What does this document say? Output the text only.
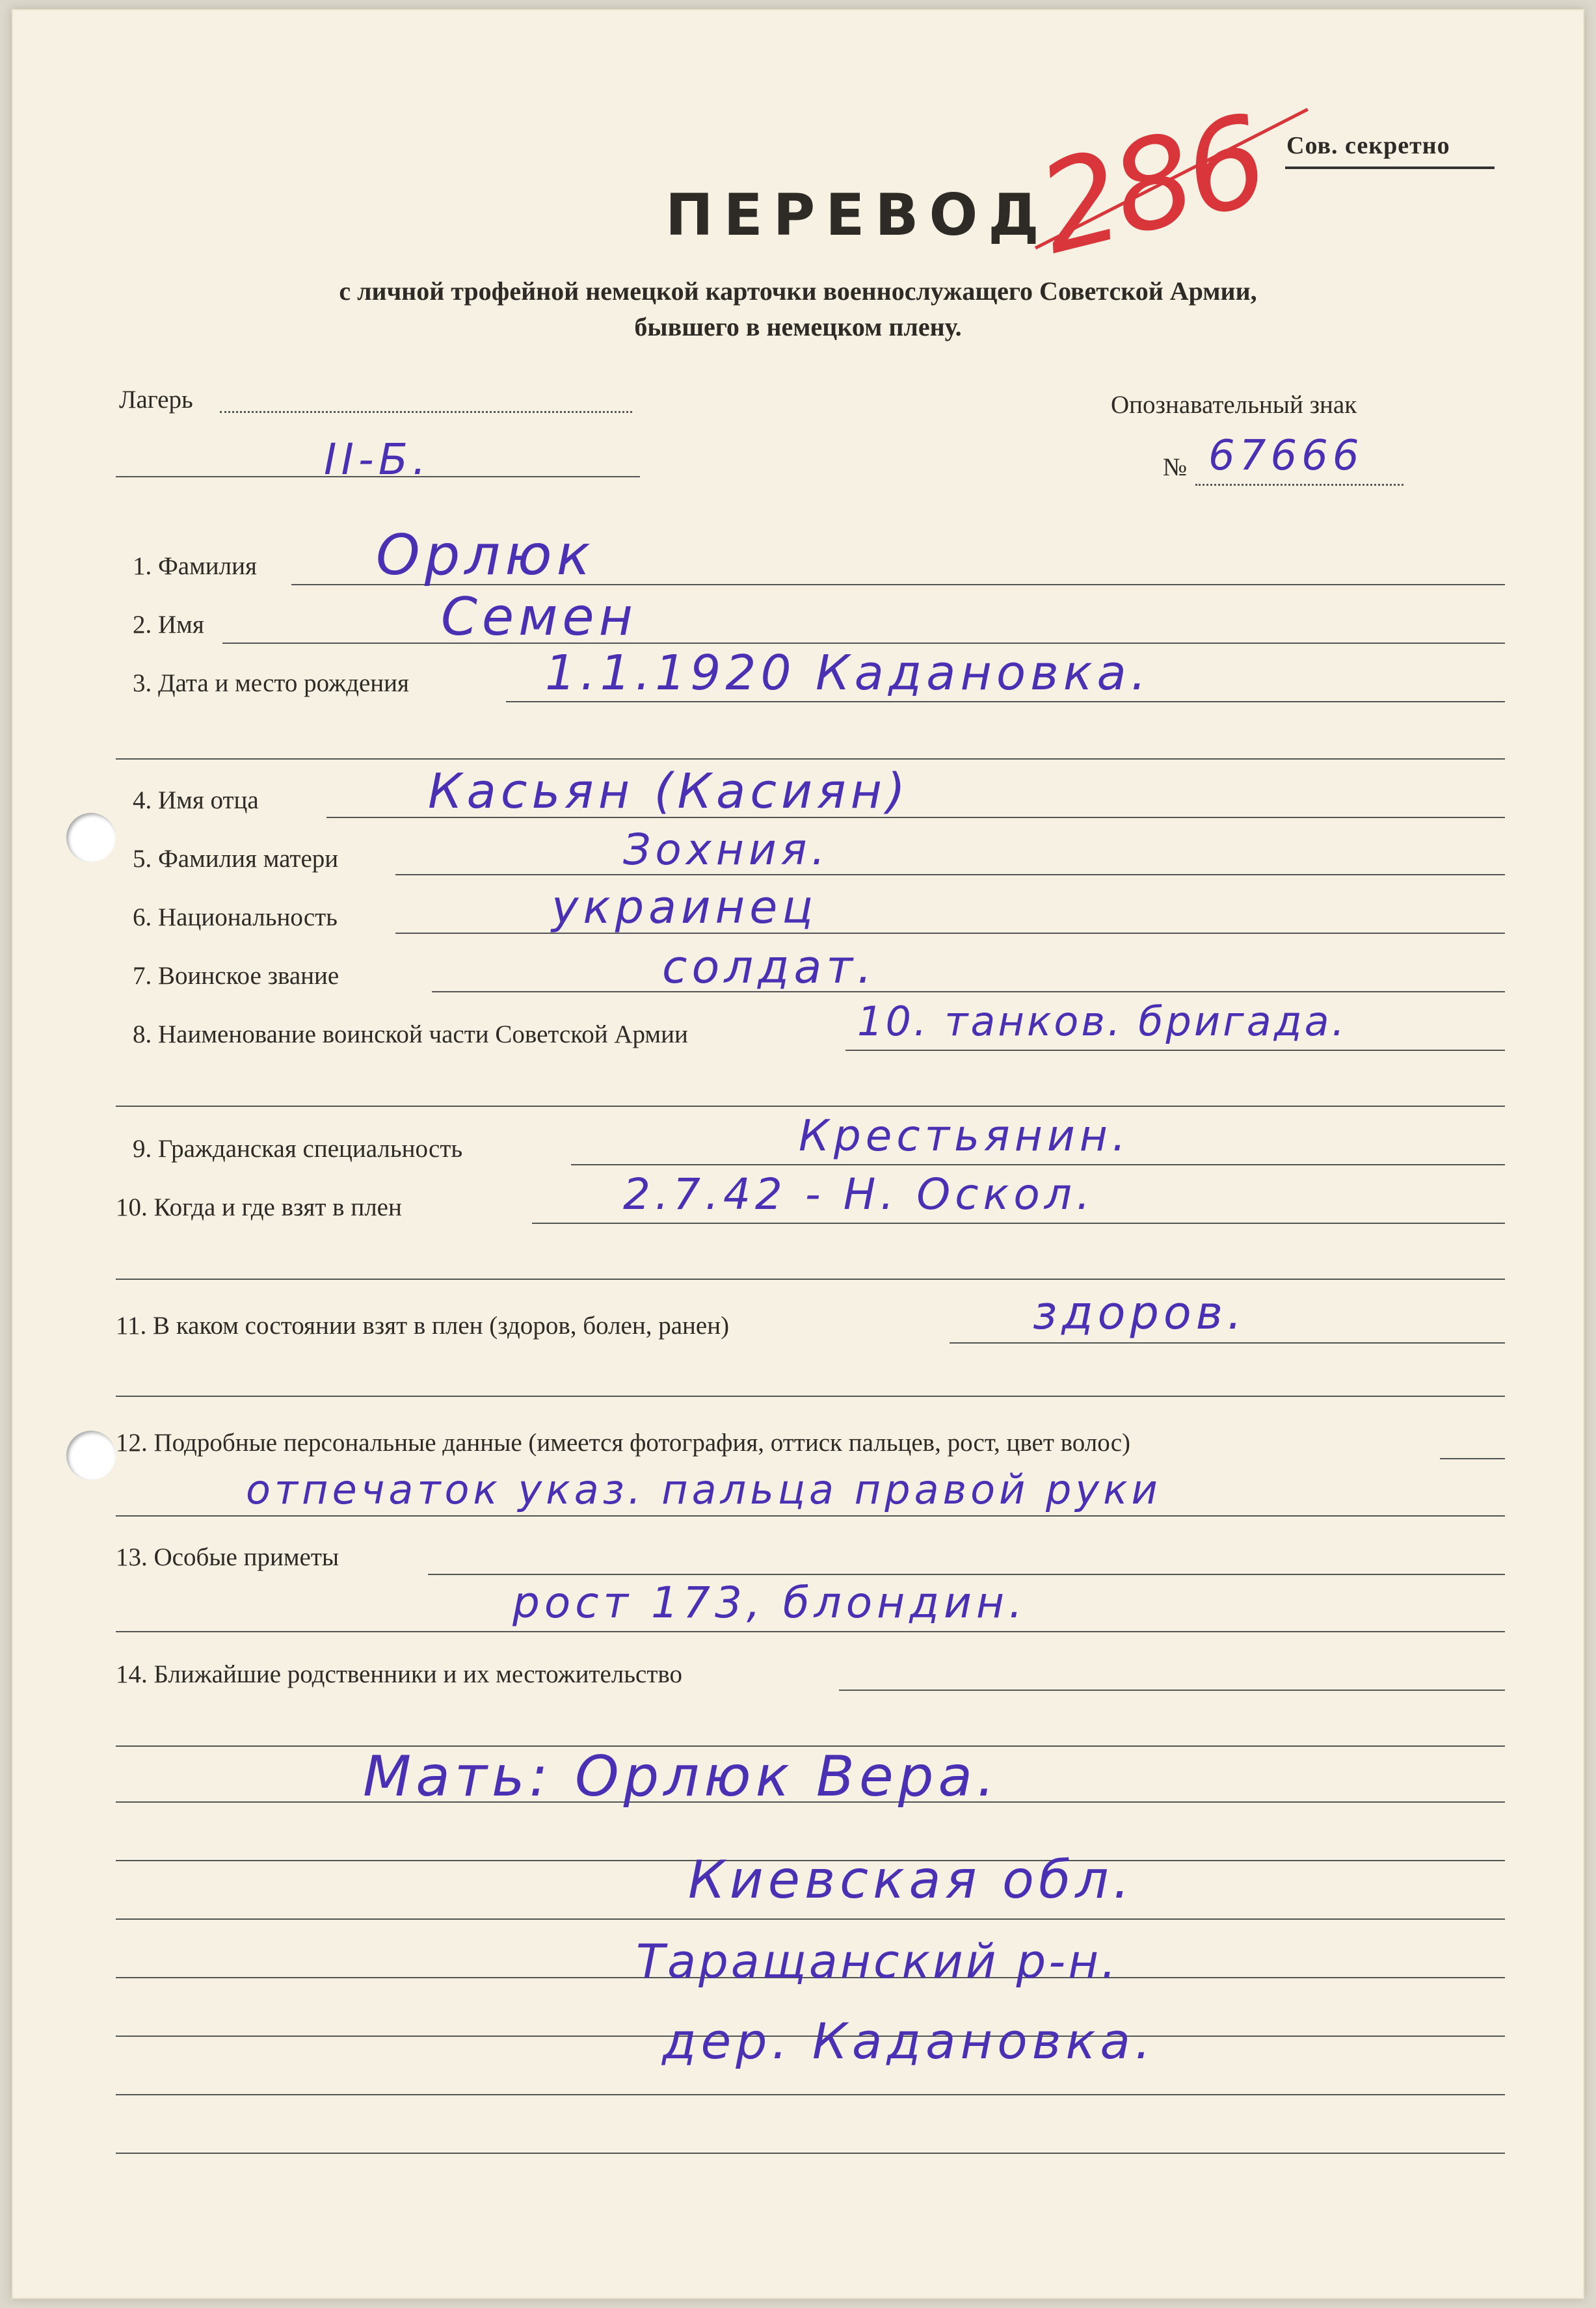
Сов. секретно
286
ПЕРЕВОД
с личной трофейной немецкой карточки военнослужащего Советской Армии,
бывшего в немецком плену.
Лагерь
II-Б.
Опознавательный знак
№ 67666
1. Фамилия Орлюк
2. Имя	Семен
3. Дата и место рождения	1.1.1920 Кадановка.
4. Имя отца	Касьян (Касиян)
5. Фамилия матери	Зохния.
6. Национальность	украинец
7. Воинское звание	солдат.
8. Наименование воинской части Советской Армии	10. танков. бригада.
9. Гражданская специальность	Крестьянин.
10. Когда и где взят в плен	2.7.42 - Н. Оскол.
11. В каком состоянии взят в плен (здоров, болен, ранен)	здоров.
12. Подробные персональные данные (имеется фотография, оттиск пальцев, рост, цвет волос)
отпечаток указ. пальца правой руки
13. Особые приметы
рост 173, блондин.
14. Ближайшие родственники и их местожительство
Мать: Орлюк Вера.
Киевская обл.
Таращанский р-н.
дер. Кадановка.
